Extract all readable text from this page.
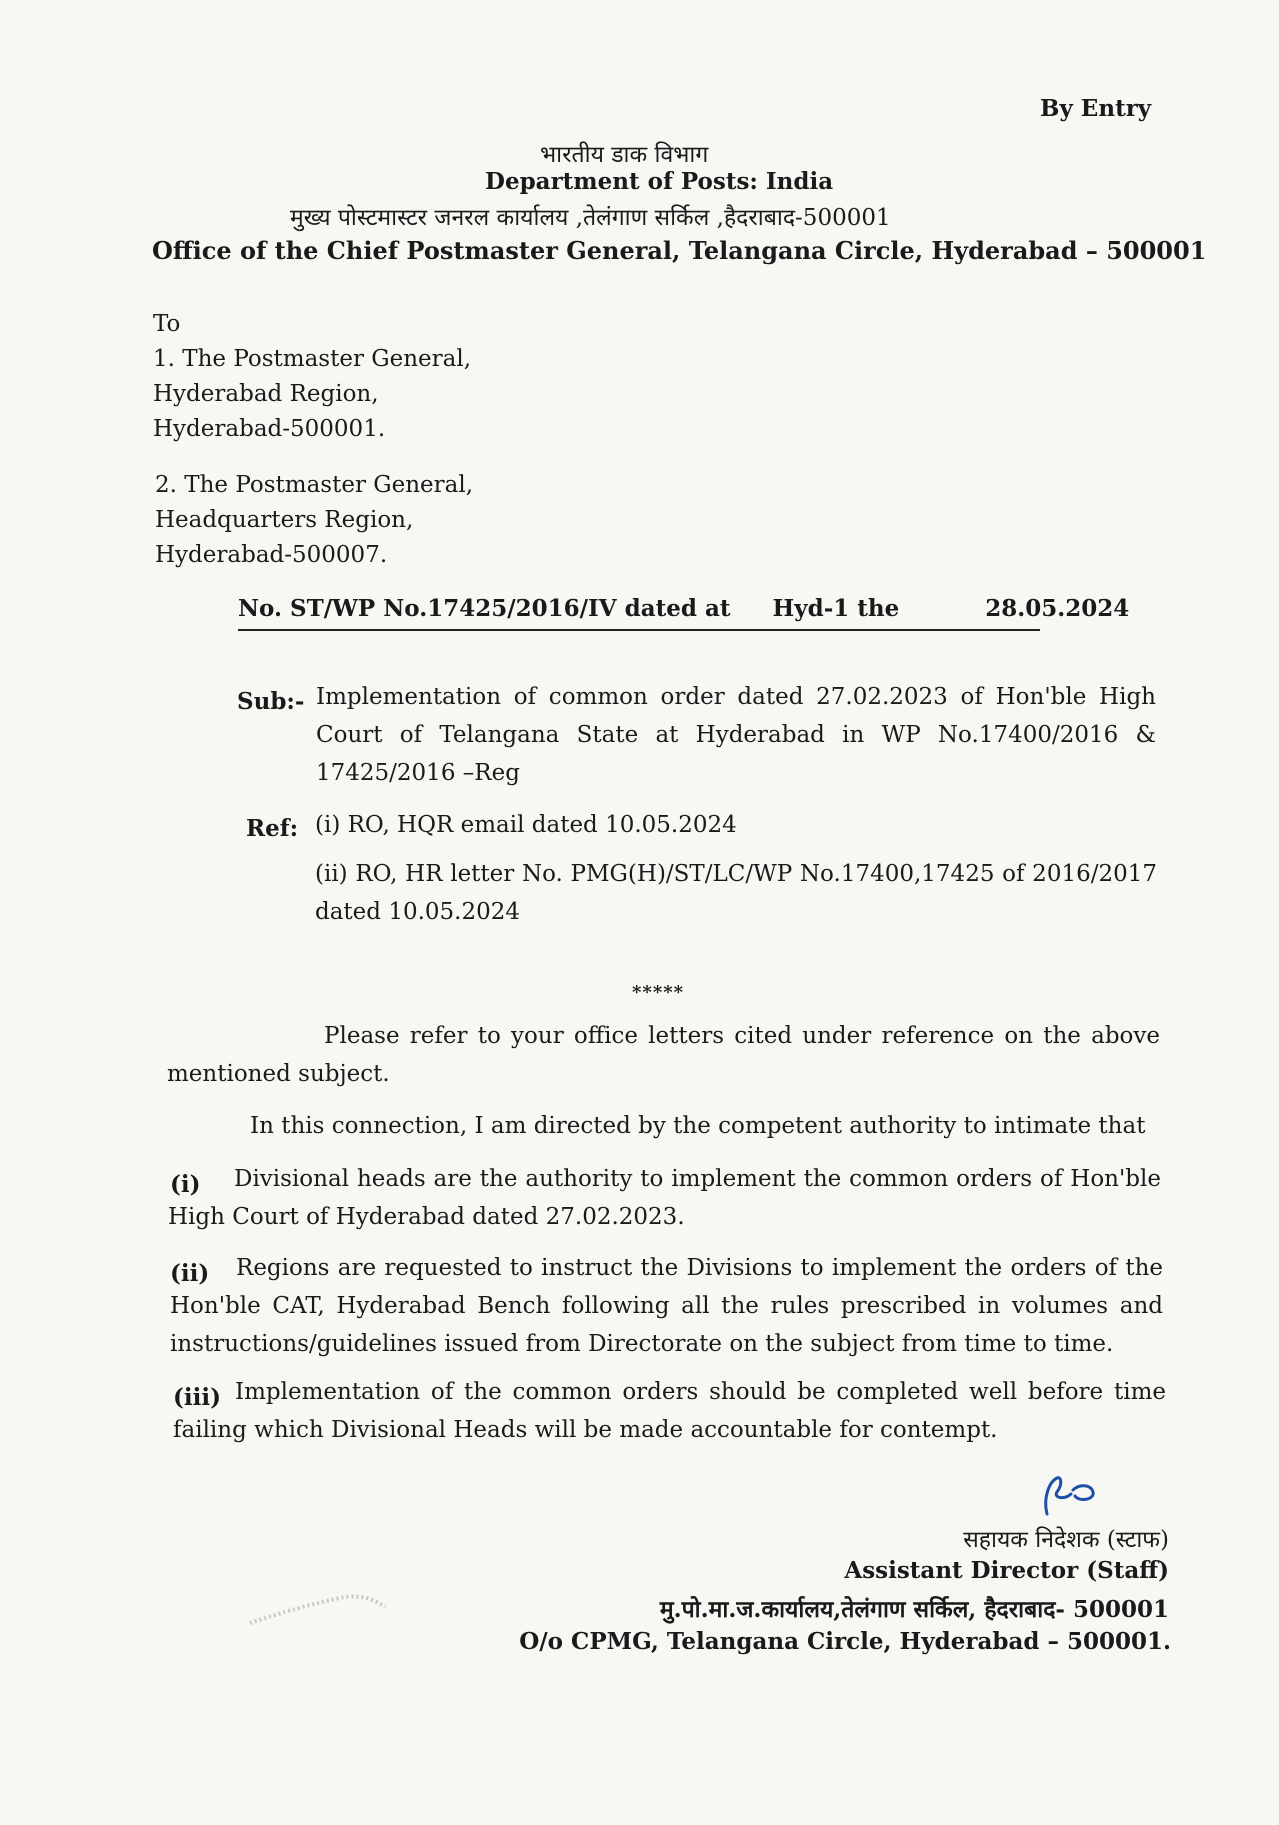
By Entry
भारतीय डाक विभाग
Department of Posts: India
मुख्य पोस्टमास्टर जनरल कार्यालय ,तेलंगाण सर्किल ,हैदराबाद-500001
Office of the Chief Postmaster General, Telangana Circle, Hyderabad – 500001
To
1. The Postmaster General,
Hyderabad Region,
Hyderabad-500001.
2. The Postmaster General,
Headquarters Region,
Hyderabad-500007.
No. ST/WP No.17425/2016/IV dated at Hyd-1 the	28.05.2024
Sub:- Implementation of common order dated 27.02.2023 of Hon'ble High Court of Telangana State at Hyderabad in WP No.17400/2016 & 17425/2016 –Reg
Ref: (i) RO, HQR email dated 10.05.2024
(ii) RO, HR letter No. PMG(H)/ST/LC/WP No.17400,17425 of 2016/2017 dated 10.05.2024
*****
Please refer to your office letters cited under reference on the above mentioned subject.
In this connection, I am directed by the competent authority to intimate that
(i)	Divisional heads are the authority to implement the common orders of Hon'ble High Court of Hyderabad dated 27.02.2023.
(ii)	Regions are requested to instruct the Divisions to implement the orders of the Hon'ble CAT, Hyderabad Bench following all the rules prescribed in volumes and instructions/guidelines issued from Directorate on the subject from time to time.
(iii) Implementation of the common orders should be completed well before time failing which Divisional Heads will be made accountable for contempt.
सहायक निदेशक (स्टाफ)
Assistant Director (Staff)
मु.पो.मा.ज.कार्यालय,तेलंगाण सर्किल, हैदराबाद- 500001
O/o CPMG, Telangana Circle, Hyderabad – 500001.
